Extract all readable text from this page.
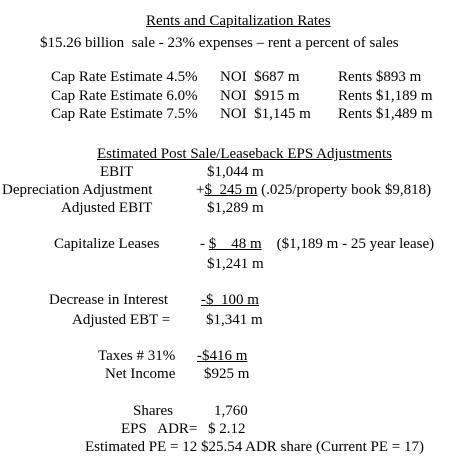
Rents and Capitalization Rates
$15.26 billion  sale - 23% expenses – rent a percent of sales
Cap Rate Estimate 4.5% NOI  $687 m	Rents $893 m
Cap Rate Estimate 6.0% NOI  $915 m	Rents $1,189 m
Cap Rate Estimate 7.5% NOI  $1,145 m Rents $1,489 m
Estimated Post Sale/Leaseback EPS Adjustments
EBIT	$1,044 m
Depreciation Adjustment	+$  245 m (.025/property book $9,818)
Adjusted EBIT	$1,289 m
Capitalize Leases	- $    48 m    ($1,189 m - 25 year lease)
$1,241 m
Decrease in Interest -$  100 m
Adjusted EBT = $1,341 m
Taxes # 31% -$416 m
Net Income $925 m
Shares	1,760
EPS   ADR= $ 2.12
Estimated PE = 12 $25.54 ADR share (Current PE = 17)
